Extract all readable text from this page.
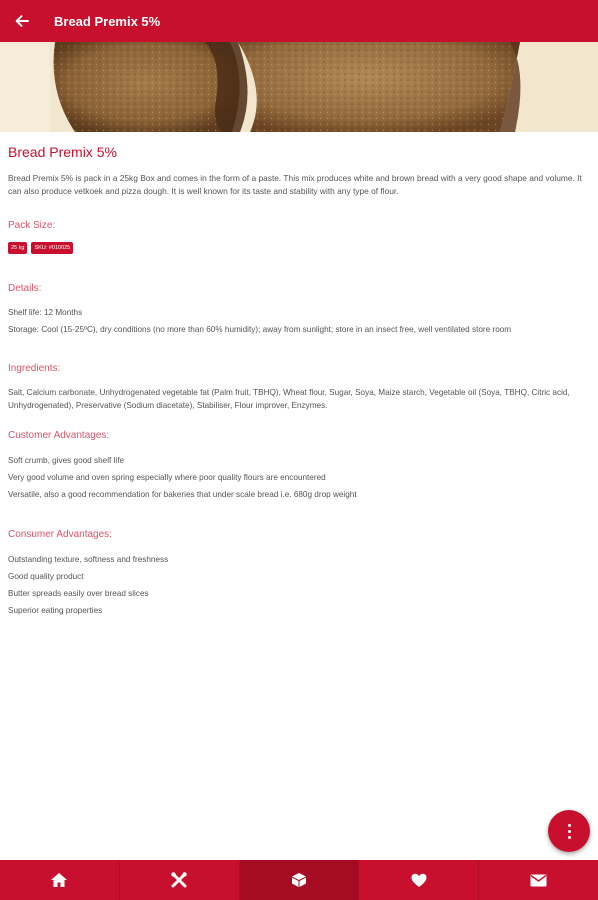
Bread Premix 5%
Bread Premix 5%

Bread Premix 5% is pack in a 25kg Box and comes in the form of a paste. This mix produces white and brown bread with a very good shape and volume. It can also produce vetkoek and pizza dough. It is well known for its taste and stability with any type of flour.

Pack Size:
25 kg	SKU: #010025
Details:

Shelf life: 12 Months

Storage: Cool (15-25ºC), dry conditions (no more than 60% humidity); away from sunlight; store in an insect free, well ventilated store room

Ingredients:

Salt, Calcium carbonate, Unhydrogenated vegetable fat (Palm fruit, TBHQ), Wheat flour, Sugar, Soya, Maize starch, Vegetable oil (Soya, TBHQ, Citric acid, Unhydrogenated), Preservative (Sodium diacetate), Stabiliser, Flour improver, Enzymes.

Customer Advantages:

Soft crumb, gives good shelf life

Very good volume and oven spring especially where poor quality flours are encountered

Versatile, also a good recommendation for bakeries that under scale bread i.e. 680g drop weight

Consumer Advantages:

Outstanding texture, softness and freshness

Good quality product

Butter spreads easily over bread slices

Superior eating properties
